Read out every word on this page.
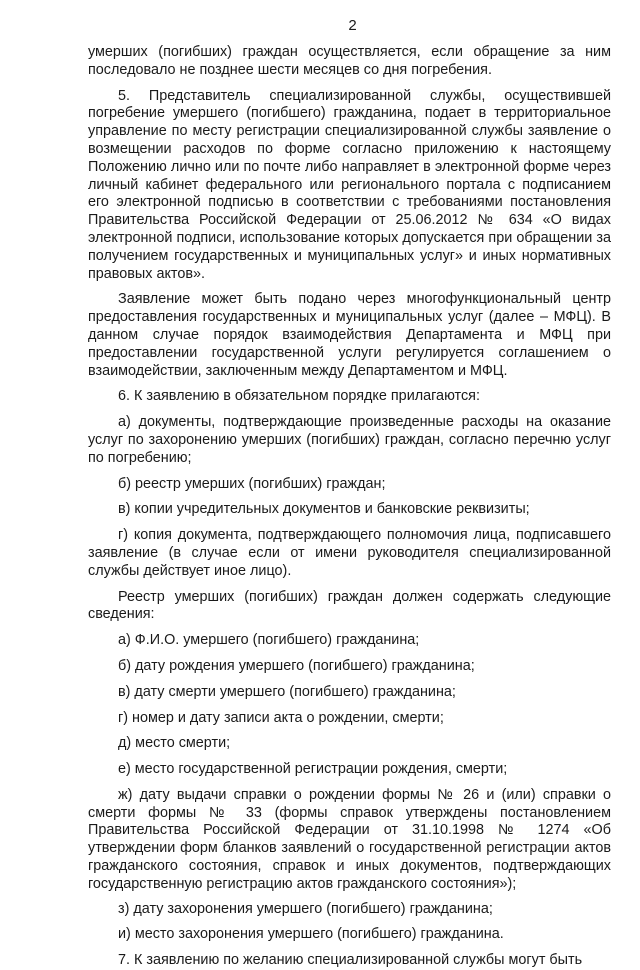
2

умерших (погибших) граждан осуществляется, если обращение за ним последовало не позднее шести месяцев со дня погребения.

5. Представитель специализированной службы, осуществившей погребение умершего (погибшего) гражданина, подает в территориальное управление по месту регистрации специализированной службы заявление о возмещении расходов по форме согласно приложению к настоящему Положению лично или по почте либо направляет в электронной форме через личный кабинет федерального или регионального портала с подписанием его электронной подписью в соответствии с требованиями постановления Правительства Российской Федерации от 25.06.2012 № 634 «О видах электронной подписи, использование которых допускается при обращении за получением государственных и муниципальных услуг» и иных нормативных правовых актов».

Заявление может быть подано через многофункциональный центр предоставления государственных и муниципальных услуг (далее – МФЦ). В данном случае порядок взаимодействия Департамента и МФЦ при предоставлении государственной услуги регулируется соглашением о взаимодействии, заключенным между Департаментом и МФЦ.

6. К заявлению в обязательном порядке прилагаются:

а) документы, подтверждающие произведенные расходы на оказание услуг по захоронению умерших (погибших) граждан, согласно перечню услуг по погребению;

б) реестр умерших (погибших) граждан;

в) копии учредительных документов и банковские реквизиты;

г) копия документа, подтверждающего полномочия лица, подписавшего заявление (в случае если от имени руководителя специализированной службы действует иное лицо).

Реестр умерших (погибших) граждан должен содержать следующие сведения:

а) Ф.И.О. умершего (погибшего) гражданина;

б) дату рождения умершего (погибшего) гражданина;

в) дату смерти умершего (погибшего) гражданина;

г) номер и дату записи акта о рождении, смерти;

д) место смерти;

е) место государственной регистрации рождения, смерти;

ж) дату выдачи справки о рождении формы № 26 и (или) справки о смерти формы № 33 (формы справок утверждены постановлением Правительства Российской Федерации от 31.10.1998 № 1274 «Об утверждении форм бланков заявлений о государственной регистрации актов гражданского состояния, справок и иных документов, подтверждающих государственную регистрацию актов гражданского состояния»);

з) дату захоронения умершего (погибшего) гражданина;

и) место захоронения умершего (погибшего) гражданина.

7. К заявлению по желанию специализированной службы могут быть
